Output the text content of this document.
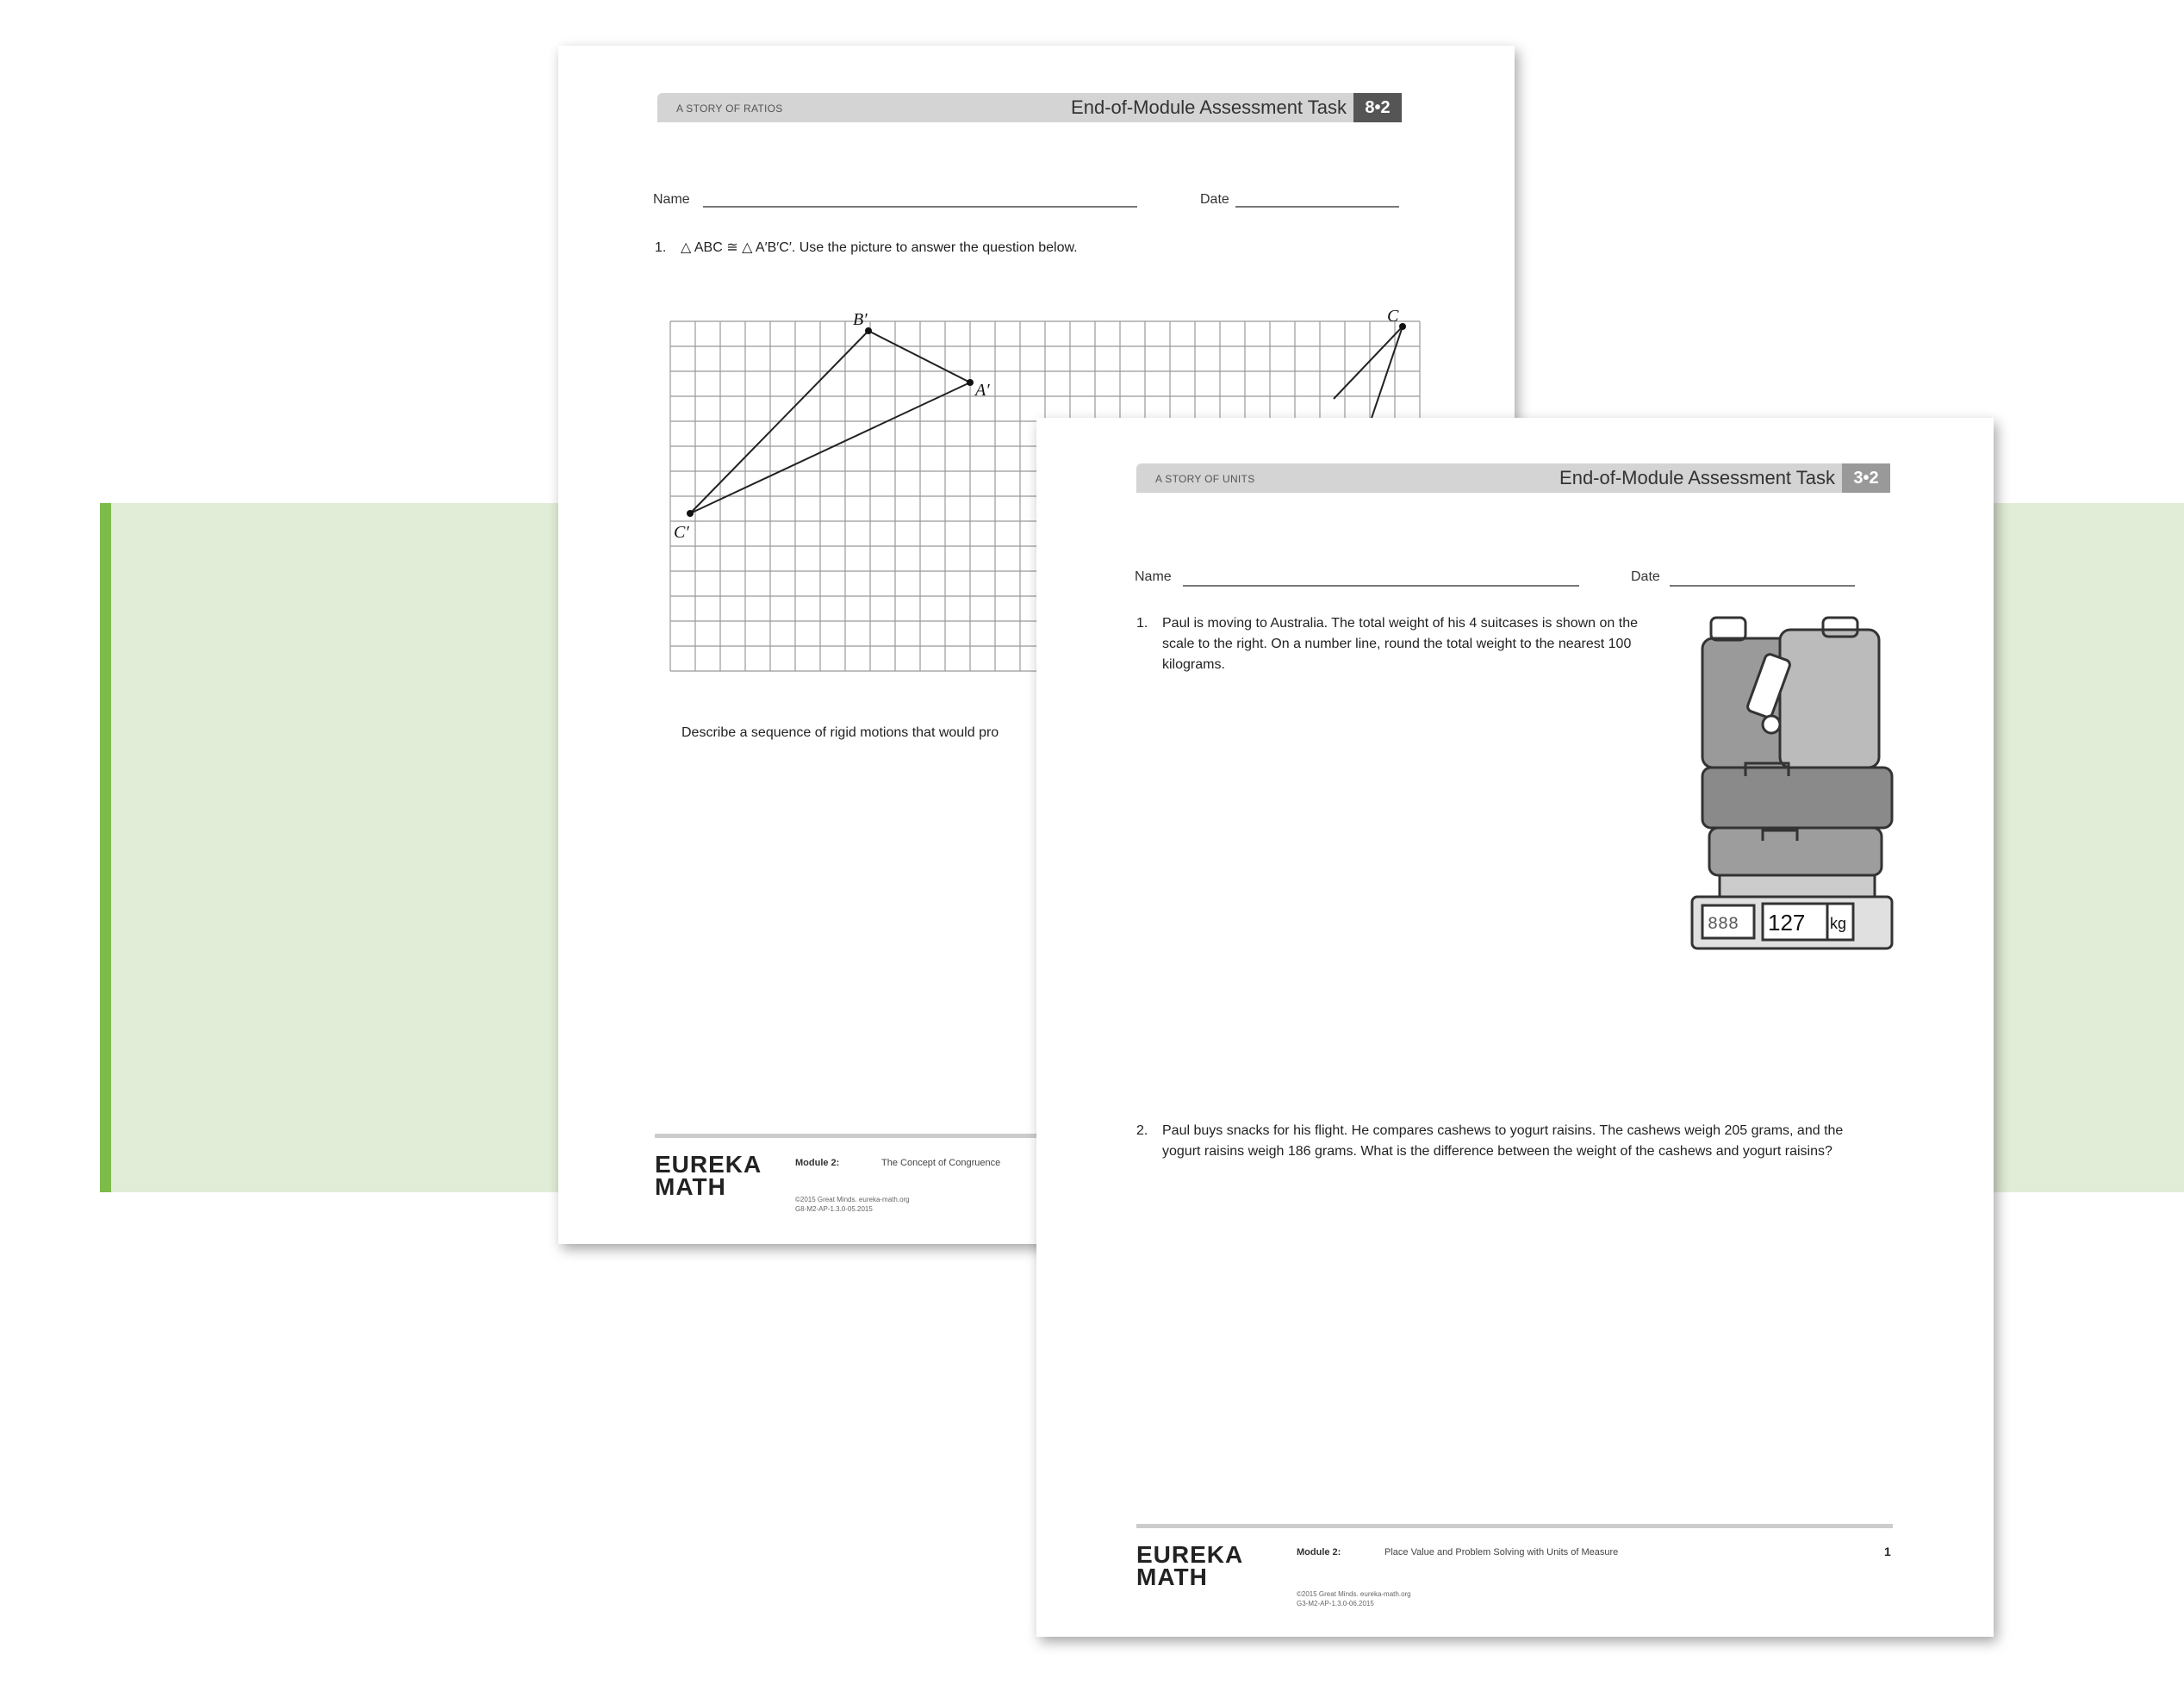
A STORY OF RATIOS	End-of-Module Assessment Task	8•2
Name	Date
1. △ ABC ≅ △ A′B′C′. Use the picture to answer the question below.
B′
A′
C′
C
Describe a sequence of rigid motions that would pro
EUREKA MATH
Module 2:	The Concept of Congruence
©2015 Great Minds. eureka-math.org
G8-M2-AP-1.3.0-05.2015
A STORY OF UNITS	End-of-Module Assessment Task	3•2
Name	Date
1. Paul is moving to Australia. The total weight of his 4 suitcases is shown on the scale to the right. On a number line, round the total weight to the nearest 100 kilograms.
888 127 kg
2. Paul buys snacks for his flight. He compares cashews to yogurt raisins. The cashews weigh 205 grams, and the yogurt raisins weigh 186 grams. What is the difference between the weight of the cashews and yogurt raisins?
EUREKA MATH
Module 2:	Place Value and Problem Solving with Units of Measure	1
©2015 Great Minds. eureka-math.org
G3-M2-AP-1.3.0-06.2015
